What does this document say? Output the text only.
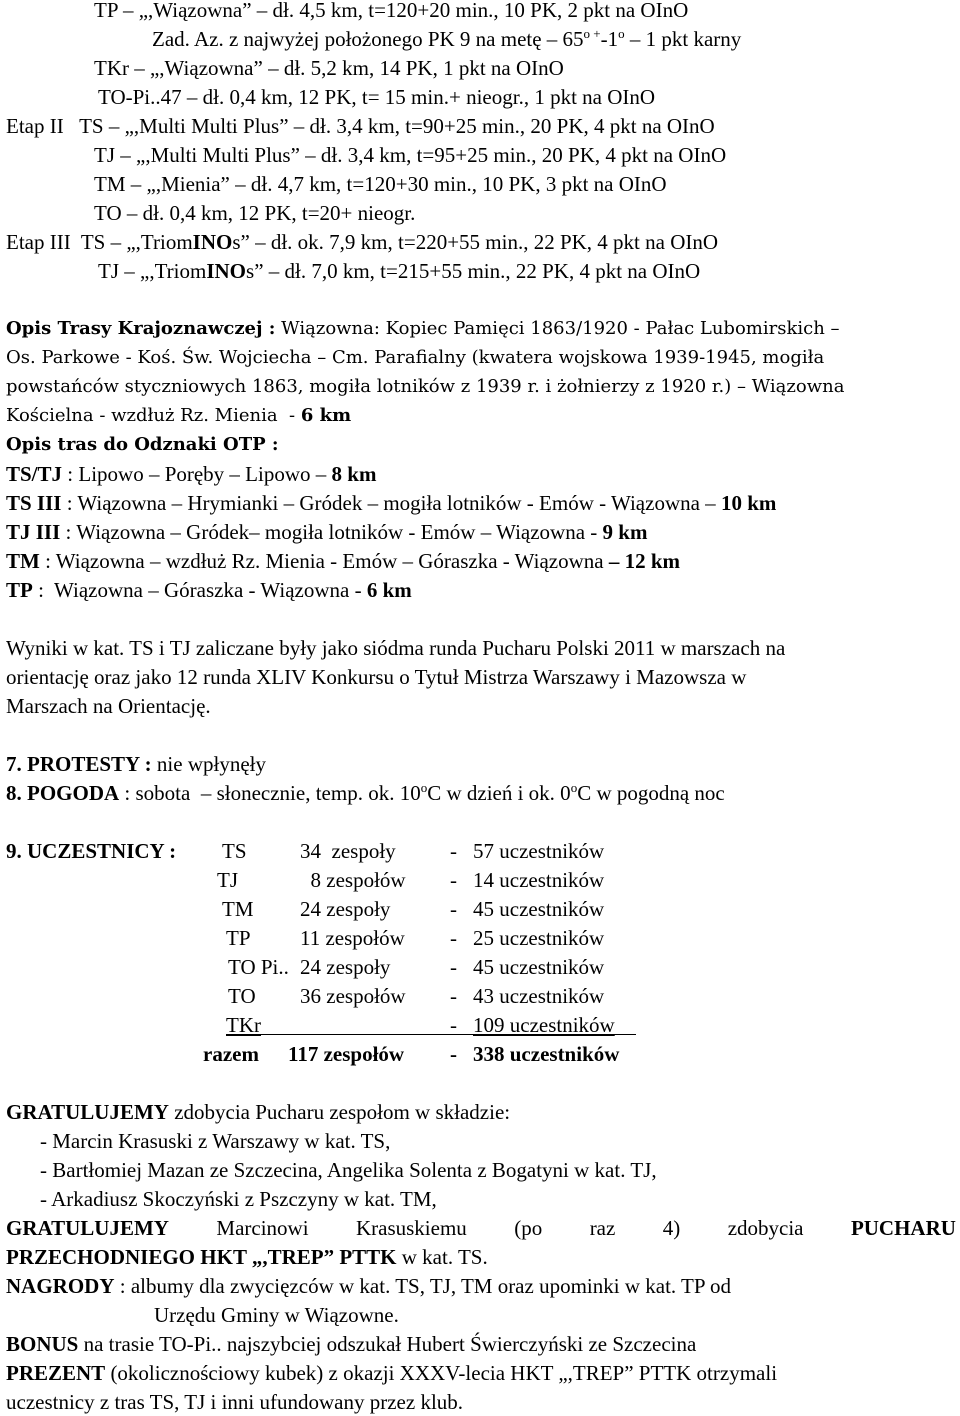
TP – „,Wiązowna” – dł. 4,5 km, t=120+20 min., 10 PK, 2 pkt na OInO
Zad. Az. z najwyżej położonego PK 9 na metę – $65^{o +}-1^o - 1$ pkt karny
TKr – „,Wiązowna” – dł. 5,2 km, 14 PK, 1 pkt na OInO
TO-Pi..47 – dł. 0,4 km, 12 PK, t= 15 min.+ nieogr., 1 pkt na OInO
Etap II   TS – „,Multi Multi Plus” – dł. 3,4 km, t=90+25 min., 20 PK, 4 pkt na OInO
TJ – „,Multi Multi Plus” – dł. 3,4 km, t=95+25 min., 20 PK, 4 pkt na OInO
TM – „,Mienia” – dł. 4,7 km, t=120+30 min., 10 PK, 3 pkt na OInO
TO – dł. 0,4 km, 12 PK, t=20+ nieogr.
Etap III  TS – „,TriomINOs” – dł. ok. 7,9 km, t=220+55 min., 22 PK, 4 pkt na OInO
TJ – „,TriomINOs” – dł. 7,0 km, t=215+55 min., 22 PK, 4 pkt na OInO
Opis Trasy Krajoznawczej : Wiązowna: Kopiec Pamięci 1863/1920 - Pałac Lubomirskich –
Os. Parkowe - Koś. Św. Wojciecha – Cm. Parafialny (kwatera wojskowa 1939-1945, mogiła
powstańców styczniowych 1863, mogiła lotników z 1939 r. i żołnierzy z 1920 r.) – Wiązowna
Kościelna - wzdłuż Rz. Mienia  - 6 km
Opis tras do Odznaki OTP :
TS/TJ : Lipowo – Poręby – Lipowo – 8 km
TS III : Wiązowna – Hrymianki – Gródek – mogiła lotników - Emów - Wiązowna – 10 km
TJ III : Wiązowna – Gródek– mogiła lotników - Emów – Wiązowna - 9 km
TM : Wiązowna – wzdłuż Rz. Mienia - Emów – Góraszka - Wiązowna – 12 km
TP :  Wiązowna – Góraszka - Wiązowna - 6 km
Wyniki w kat. TS i TJ zaliczane były jako siódma runda Pucharu Polski 2011 w marszach na
orientację oraz jako 12 runda XLIV Konkursu o Tytuł Mistrza Warszawy i Mazowsza w
Marszach na Orientację.
7. PROTESTY : nie wpłynęły
8. POGODA : sobota  – słonecznie, temp. ok. 10$^o$C w dzień i ok. 0$^o$C w pogodną noc
9. UCZESTNICY : TS	34  zespoły	- 57 uczestników
TJ	8 zespołów - 14 uczestników
TM 24 zespoły	- 45 uczestników
TP 11 zespołów - 25 uczestników
TO Pi.. 24 zespoły	- 45 uczestników
TO 36 zespołów - 43 uczestników
TKr	- 109 uczestników
razem 117 zespołów - 338 uczestników
GRATULUJEMY zdobycia Pucharu zespołom w składzie:
- Marcin Krasuski z Warszawy w kat. TS,
- Bartłomiej Mazan ze Szczecina, Angelika Solenta z Bogatyni w kat. TJ,
- Arkadiusz Skoczyński z Pszczyny w kat. TM,
GRATULUJEMY Marcinowi Krasuskiemu (po raz 4) zdobycia PUCHARU
PRZECHODNIEGO HKT „,TREP” PTTK w kat. TS.
NAGRODY : albumy dla zwycięzców w kat. TS, TJ, TM oraz upominki w kat. TP od
Urzędu Gminy w Wiązowne.
BONUS na trasie TO-Pi.. najszybciej odszukał Hubert Świerczyński ze Szczecina
PREZENT (okolicznościowy kubek) z okazji XXXV-lecia HKT „,TREP” PTTK otrzymali
uczestnicy z tras TS, TJ i inni ufundowany przez klub.
